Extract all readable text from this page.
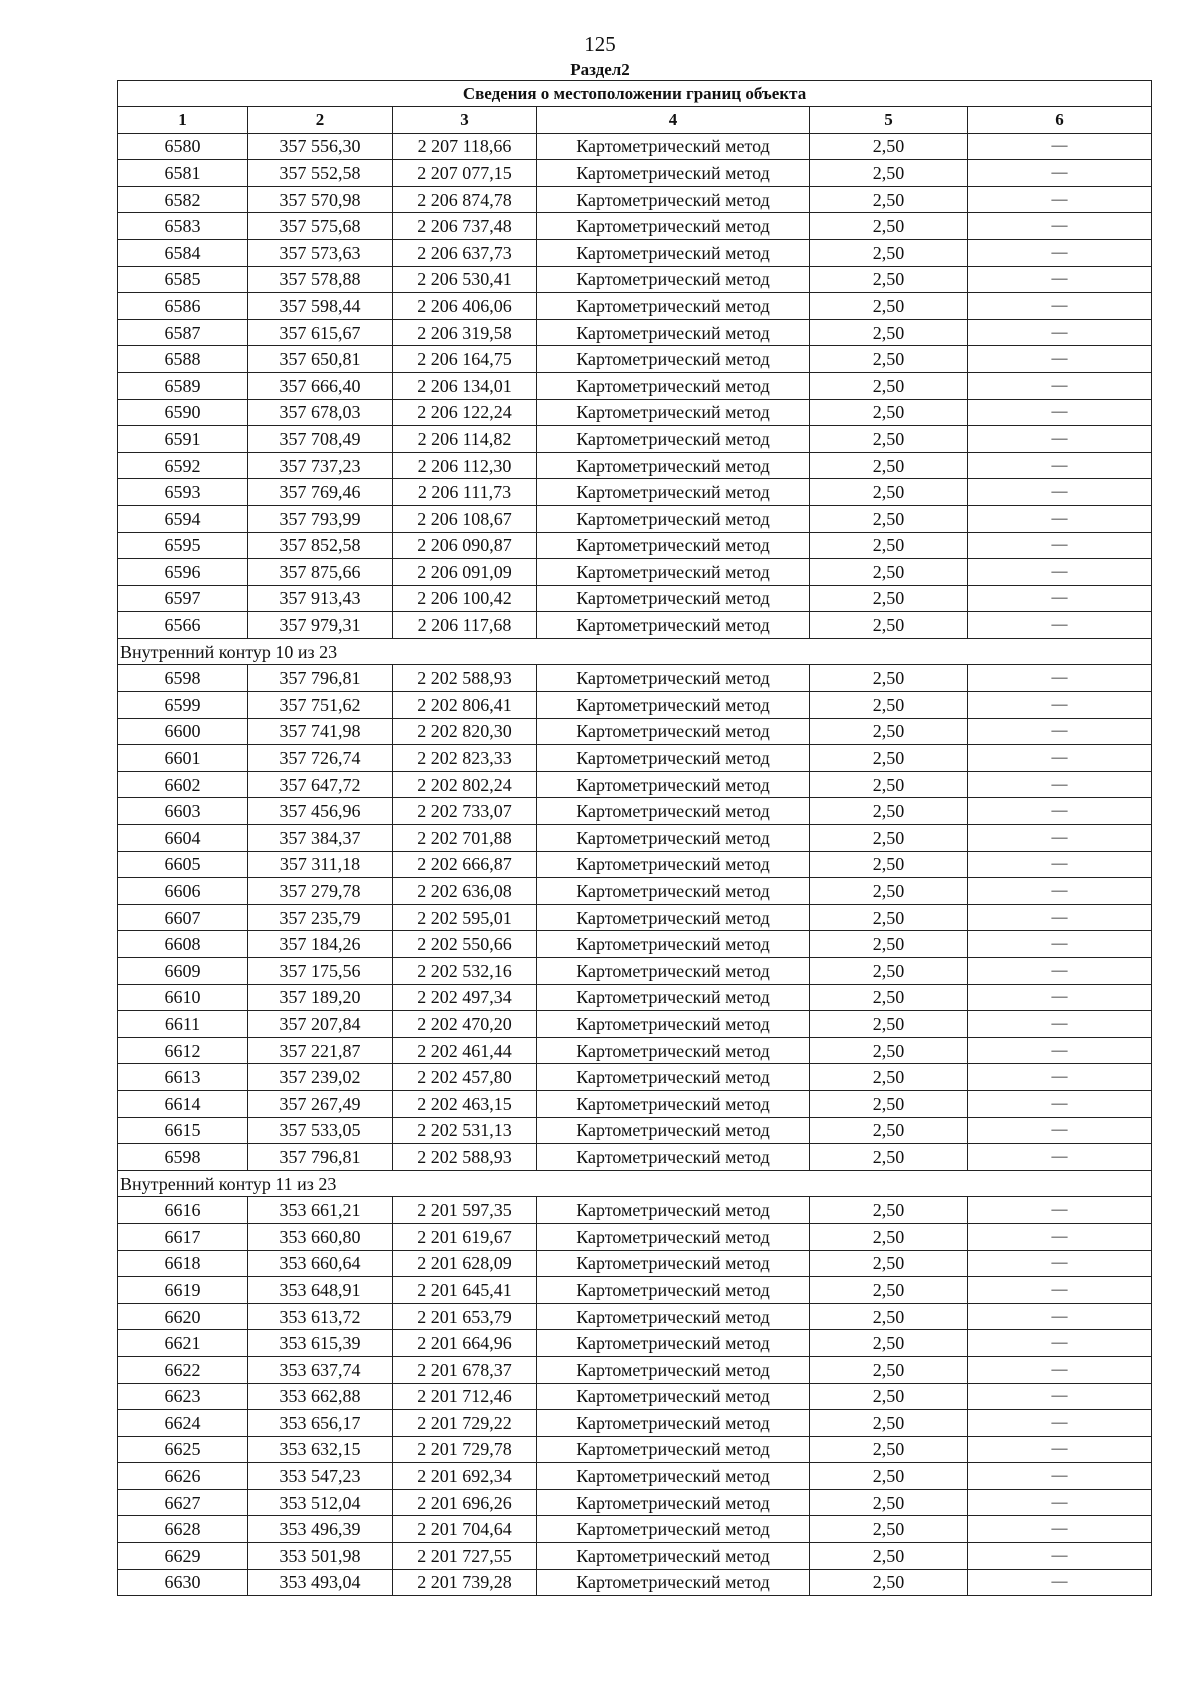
125
Раздел2
Сведения о местоположении границ объекта					
1	2	3	4	5	6
6580	357 556,30	2 207 118,66	Картометрический метод	2,50	—
6581	357 552,58	2 207 077,15	Картометрический метод	2,50	—
6582	357 570,98	2 206 874,78	Картометрический метод	2,50	—
6583	357 575,68	2 206 737,48	Картометрический метод	2,50	—
6584	357 573,63	2 206 637,73	Картометрический метод	2,50	—
6585	357 578,88	2 206 530,41	Картометрический метод	2,50	—
6586	357 598,44	2 206 406,06	Картометрический метод	2,50	—
6587	357 615,67	2 206 319,58	Картометрический метод	2,50	—
6588	357 650,81	2 206 164,75	Картометрический метод	2,50	—
6589	357 666,40	2 206 134,01	Картометрический метод	2,50	—
6590	357 678,03	2 206 122,24	Картометрический метод	2,50	—
6591	357 708,49	2 206 114,82	Картометрический метод	2,50	—
6592	357 737,23	2 206 112,30	Картометрический метод	2,50	—
6593	357 769,46	2 206 111,73	Картометрический метод	2,50	—
6594	357 793,99	2 206 108,67	Картометрический метод	2,50	—
6595	357 852,58	2 206 090,87	Картометрический метод	2,50	—
6596	357 875,66	2 206 091,09	Картометрический метод	2,50	—
6597	357 913,43	2 206 100,42	Картометрический метод	2,50	—
6566	357 979,31	2 206 117,68	Картометрический метод	2,50	—
Внутренний контур 10 из 23					
6598	357 796,81	2 202 588,93	Картометрический метод	2,50	—
6599	357 751,62	2 202 806,41	Картометрический метод	2,50	—
6600	357 741,98	2 202 820,30	Картометрический метод	2,50	—
6601	357 726,74	2 202 823,33	Картометрический метод	2,50	—
6602	357 647,72	2 202 802,24	Картометрический метод	2,50	—
6603	357 456,96	2 202 733,07	Картометрический метод	2,50	—
6604	357 384,37	2 202 701,88	Картометрический метод	2,50	—
6605	357 311,18	2 202 666,87	Картометрический метод	2,50	—
6606	357 279,78	2 202 636,08	Картометрический метод	2,50	—
6607	357 235,79	2 202 595,01	Картометрический метод	2,50	—
6608	357 184,26	2 202 550,66	Картометрический метод	2,50	—
6609	357 175,56	2 202 532,16	Картометрический метод	2,50	—
6610	357 189,20	2 202 497,34	Картометрический метод	2,50	—
6611	357 207,84	2 202 470,20	Картометрический метод	2,50	—
6612	357 221,87	2 202 461,44	Картометрический метод	2,50	—
6613	357 239,02	2 202 457,80	Картометрический метод	2,50	—
6614	357 267,49	2 202 463,15	Картометрический метод	2,50	—
6615	357 533,05	2 202 531,13	Картометрический метод	2,50	—
6598	357 796,81	2 202 588,93	Картометрический метод	2,50	—
Внутренний контур 11 из 23					
6616	353 661,21	2 201 597,35	Картометрический метод	2,50	—
6617	353 660,80	2 201 619,67	Картометрический метод	2,50	—
6618	353 660,64	2 201 628,09	Картометрический метод	2,50	—
6619	353 648,91	2 201 645,41	Картометрический метод	2,50	—
6620	353 613,72	2 201 653,79	Картометрический метод	2,50	—
6621	353 615,39	2 201 664,96	Картометрический метод	2,50	—
6622	353 637,74	2 201 678,37	Картометрический метод	2,50	—
6623	353 662,88	2 201 712,46	Картометрический метод	2,50	—
6624	353 656,17	2 201 729,22	Картометрический метод	2,50	—
6625	353 632,15	2 201 729,78	Картометрический метод	2,50	—
6626	353 547,23	2 201 692,34	Картометрический метод	2,50	—
6627	353 512,04	2 201 696,26	Картометрический метод	2,50	—
6628	353 496,39	2 201 704,64	Картометрический метод	2,50	—
6629	353 501,98	2 201 727,55	Картометрический метод	2,50	—
6630	353 493,04	2 201 739,28	Картометрический метод	2,50	—
